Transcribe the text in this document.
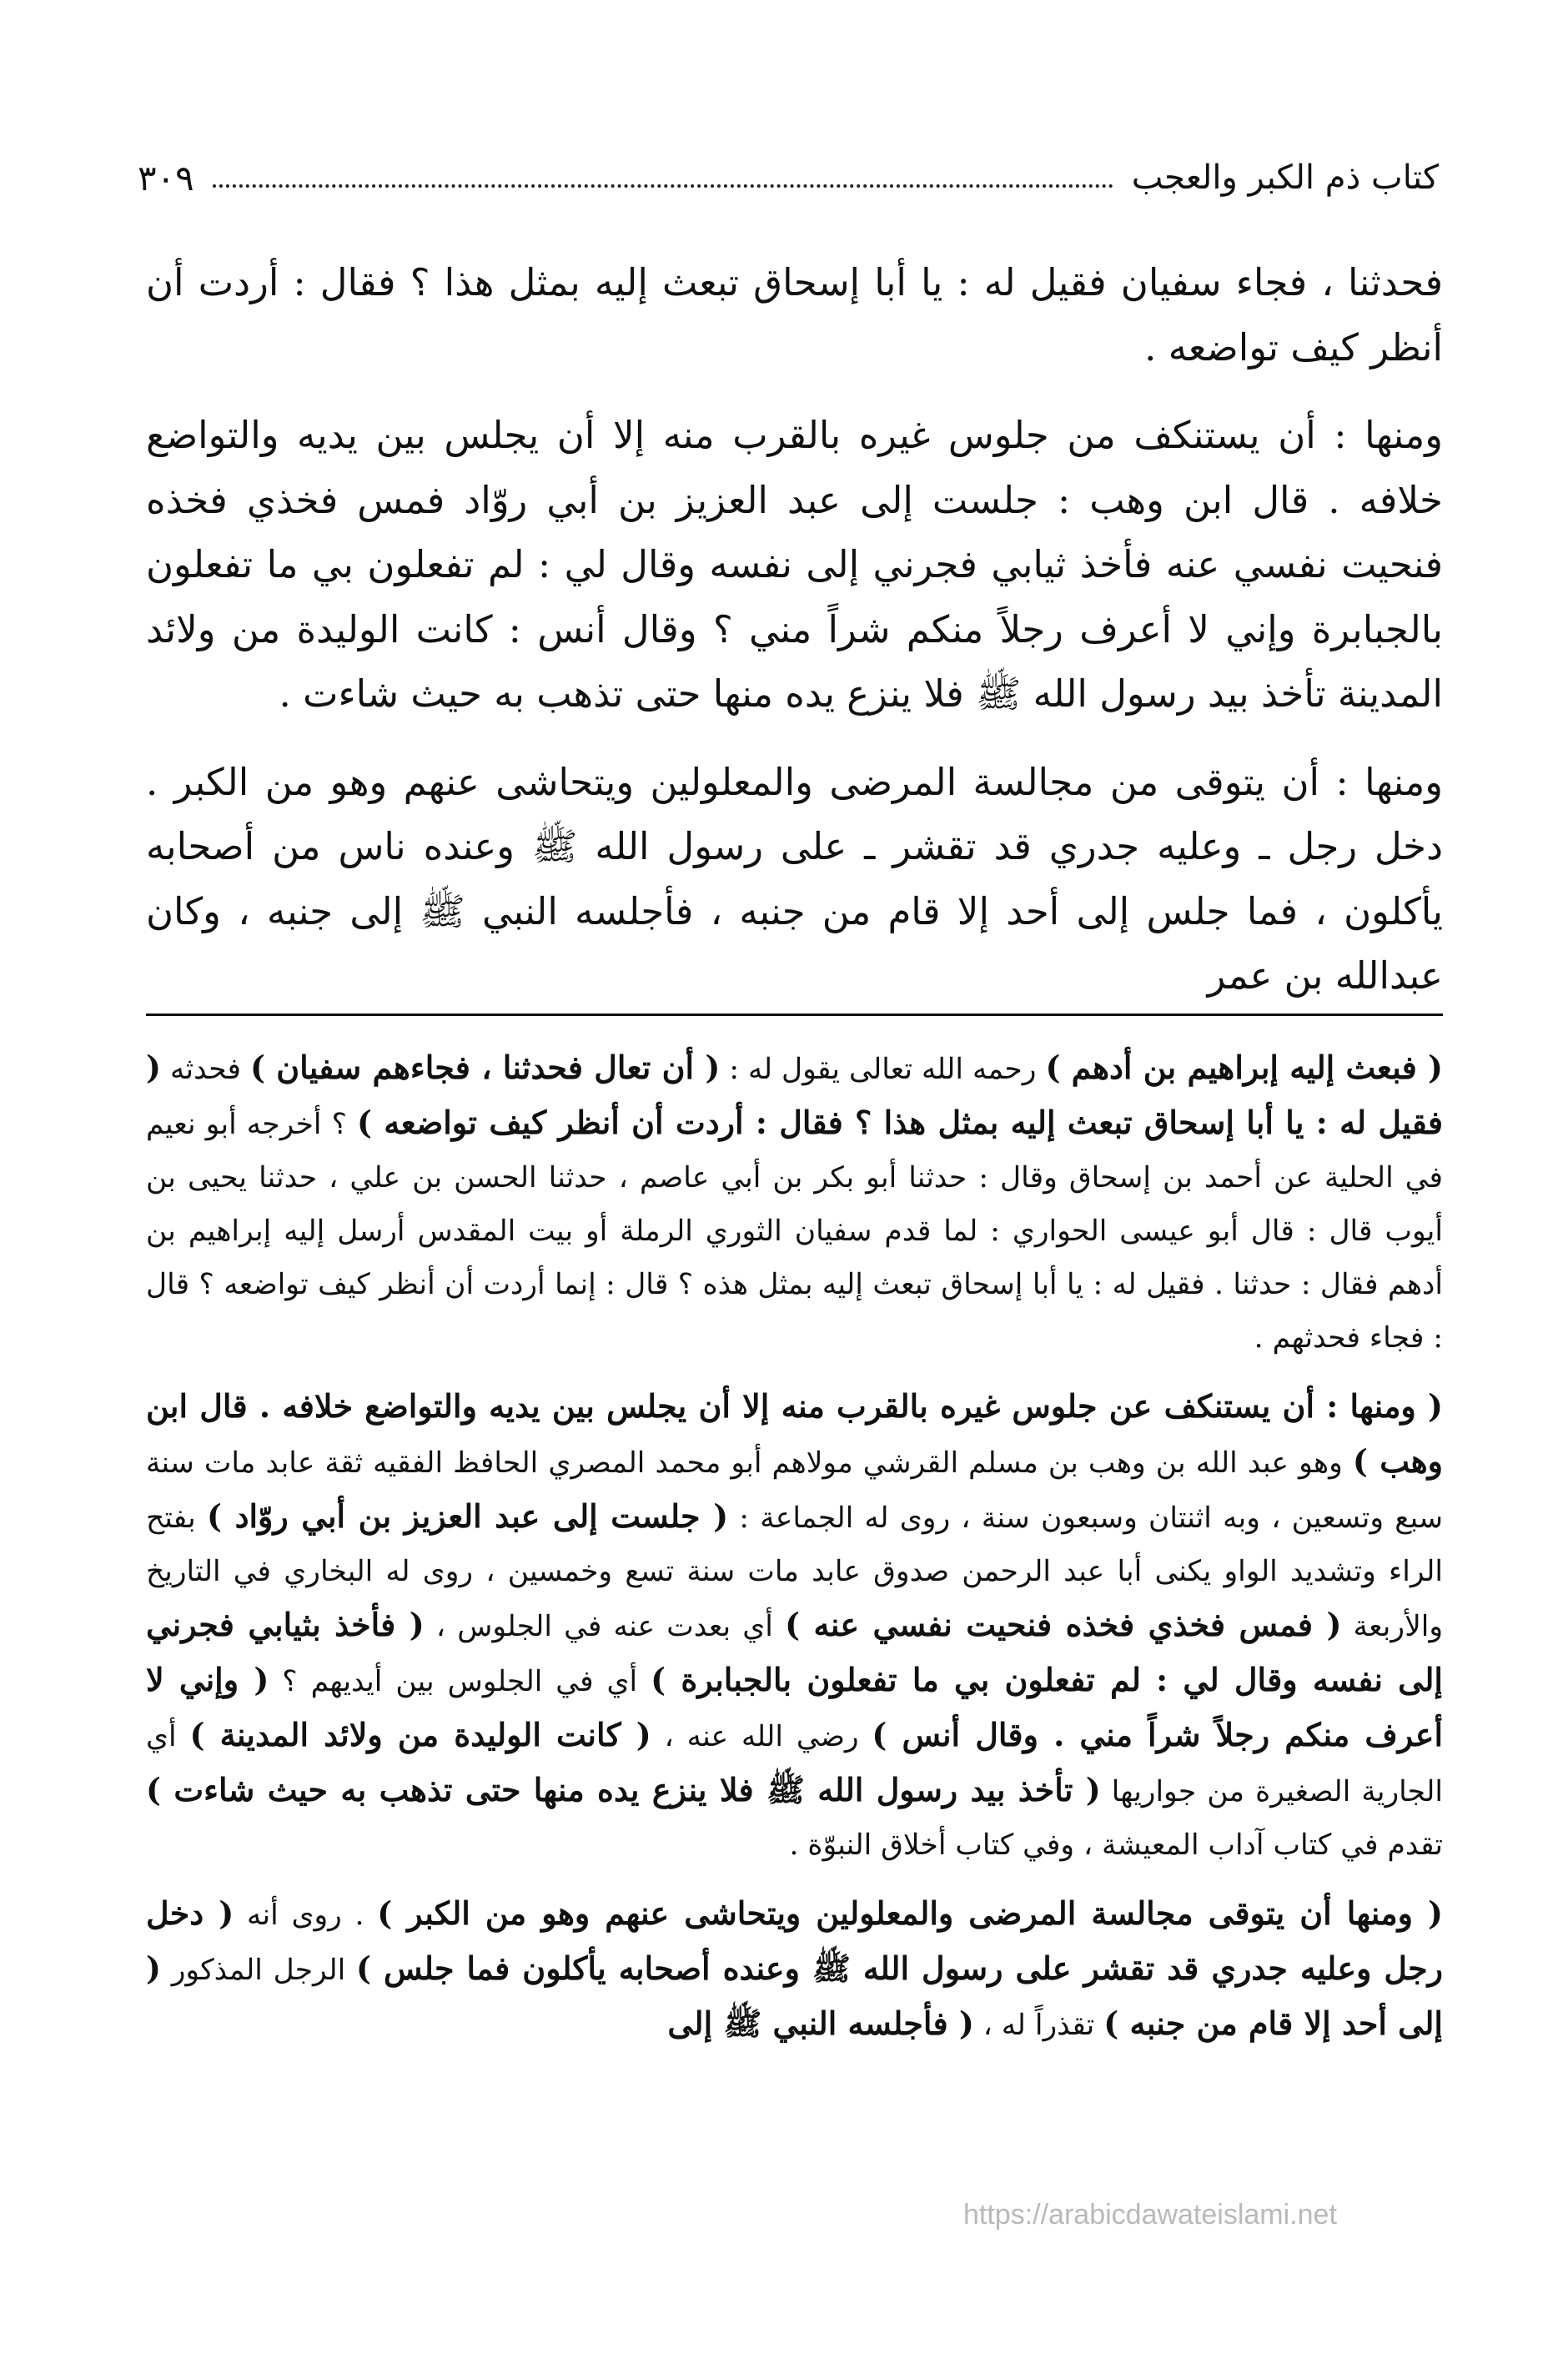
كتاب ذم الكبر والعجب
٣٠٩

فحدثنا ، فجاء سفيان فقيل له : يا أبا إسحاق تبعث إليه بمثل هذا ؟ فقال : أردت أن أنظر كيف تواضعه .

ومنها : أن يستنكف من جلوس غيره بالقرب منه إلا أن يجلس بين يديه والتواضع خلافه . قال ابن وهب : جلست إلى عبد العزيز بن أبي روّاد فمس فخذي فخذه فنحيت نفسي عنه فأخذ ثيابي فجرني إلى نفسه وقال لي : لم تفعلون بي ما تفعلون بالجبابرة وإني لا أعرف رجلاً منكم شراً مني ؟ وقال أنس : كانت الوليدة من ولائد المدينة تأخذ بيد رسول الله ﷺ فلا ينزع يده منها حتى تذهب به حيث شاءت .

ومنها : أن يتوقى من مجالسة المرضى والمعلولين ويتحاشى عنهم وهو من الكبر . دخل رجل ـ وعليه جدري قد تقشر ـ على رسول الله ﷺ وعنده ناس من أصحابه يأكلون ، فما جلس إلى أحد إلا قام من جنبه ، فأجلسه النبي ﷺ إلى جنبه ، وكان عبدالله بن عمر

( فبعث إليه إبراهيم بن أدهم ) رحمه الله تعالى يقول له : ( أن تعال فحدثنا ، فجاءهم سفيان ) فحدثه ( فقيل له : يا أبا إسحاق تبعث إليه بمثل هذا ؟ فقال : أردت أن أنظر كيف تواضعه ) ؟ أخرجه أبو نعيم في الحلية عن أحمد بن إسحاق وقال : حدثنا أبو بكر بن أبي عاصم ، حدثنا الحسن بن علي ، حدثنا يحيى بن أيوب قال : قال أبو عيسى الحواري : لما قدم سفيان الثوري الرملة أو بيت المقدس أرسل إليه إبراهيم بن أدهم فقال : حدثنا . فقيل له : يا أبا إسحاق تبعث إليه بمثل هذه ؟ قال : إنما أردت أن أنظر كيف تواضعه ؟ قال : فجاء فحدثهم .

( ومنها : أن يستنكف عن جلوس غيره بالقرب منه إلا أن يجلس بين يديه والتواضع خلافه . قال ابن وهب ) وهو عبد الله بن وهب بن مسلم القرشي مولاهم أبو محمد المصري الحافظ الفقيه ثقة عابد مات سنة سبع وتسعين ، وبه اثنتان وسبعون سنة ، روى له الجماعة : ( جلست إلى عبد العزيز بن أبي روّاد ) بفتح الراء وتشديد الواو يكنى أبا عبد الرحمن صدوق عابد مات سنة تسع وخمسين ، روى له البخاري في التاريخ والأربعة ( فمس فخذي فخذه فنحيت نفسي عنه ) أي بعدت عنه في الجلوس ، ( فأخذ بثيابي فجرني إلى نفسه وقال لي : لم تفعلون بي ما تفعلون بالجبابرة ) أي في الجلوس بين أيديهم ؟ ( وإني لا أعرف منكم رجلاً شراً مني . وقال أنس ) رضي الله عنه ، ( كانت الوليدة من ولائد المدينة ) أي الجارية الصغيرة من جواريها ( تأخذ بيد رسول الله ﷺ فلا ينزع يده منها حتى تذهب به حيث شاءت ) تقدم في كتاب آداب المعيشة ، وفي كتاب أخلاق النبوّة .

( ومنها أن يتوقى مجالسة المرضى والمعلولين ويتحاشى عنهم وهو من الكبر ) . روى أنه ( دخل رجل وعليه جدري قد تقشر على رسول الله ﷺ وعنده أصحابه يأكلون فما جلس ) الرجل المذكور ( إلى أحد إلا قام من جنبه ) تقذراً له ، ( فأجلسه النبي ﷺ إلى

https://arabicdawateislami.net
